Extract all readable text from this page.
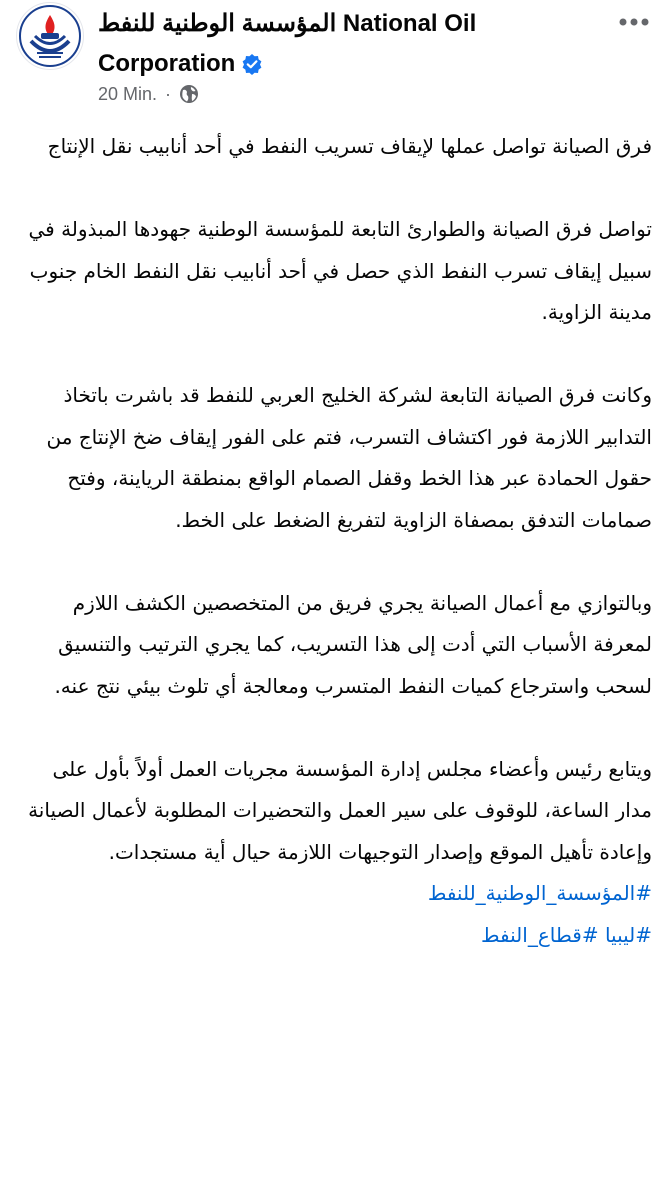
المؤسسة الوطنية للنفط National Oil
Corporation
20 Min. ·

فرق الصيانة تواصل عملها لإيقاف تسريب النفط في أحد أنابيب نقل الإنتاج

تواصل فرق الصيانة والطوارئ التابعة للمؤسسة الوطنية جهودها المبذولة في سبيل إيقاف تسرب النفط الذي حصل في أحد أنابيب نقل النفط الخام جنوب مدينة الزاوية.

وكانت فرق الصيانة التابعة لشركة الخليج العربي للنفط قد باشرت باتخاذ التدابير اللازمة فور اكتشاف التسرب، فتم على الفور إيقاف ضخ الإنتاج من حقول الحمادة عبر هذا الخط وقفل الصمام الواقع بمنطقة الرياينة، وفتح صمامات التدفق بمصفاة الزاوية لتفريغ الضغط على الخط.

وبالتوازي مع أعمال الصيانة يجري فريق من المتخصصين الكشف اللازم لمعرفة الأسباب التي أدت إلى هذا التسريب، كما يجري الترتيب والتنسيق لسحب واسترجاع كميات النفط المتسرب ومعالجة أي تلوث بيئي نتج عنه.

ويتابع رئيس وأعضاء مجلس إدارة المؤسسة مجريات العمل أولاً بأول على مدار الساعة، للوقوف على سير العمل والتحضيرات المطلوبة لأعمال الصيانة وإعادة تأهيل الموقع وإصدار التوجيهات اللازمة حيال أية مستجدات.

#المؤسسة_الوطنية_للنفط
#ليبيا #قطاع_النفط
